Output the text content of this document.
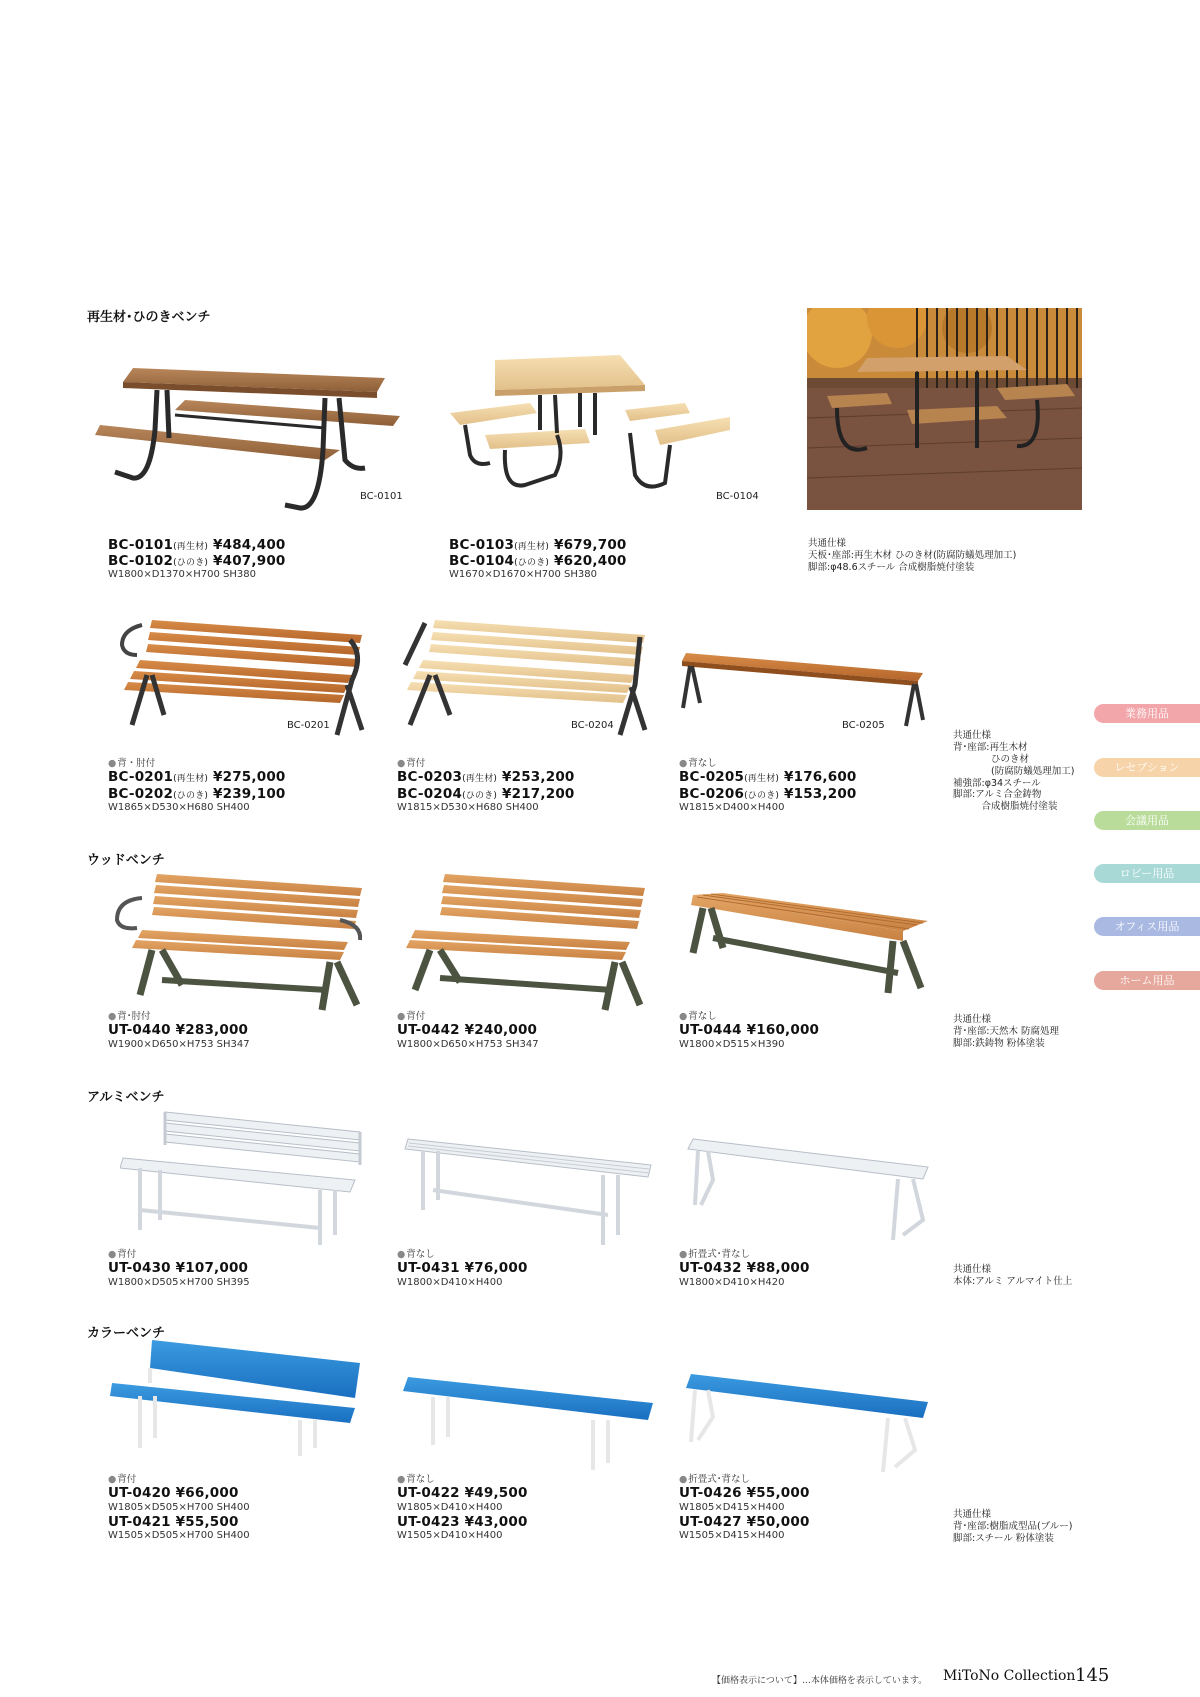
再生材･ひのきベンチ
BC-0101	BC-0104
BC-0101(再生材) ¥484,400
BC-0102(ひのき) ¥407,900
W1800×D1370×H700 SH380
BC-0103(再生材) ¥679,700
BC-0104(ひのき) ¥620,400
W1670×D1670×H700 SH380
共通仕様
天板･座部:再生木材 ひのき材(防腐防蟻処理加工)
脚部:φ48.6スチール 合成樹脂焼付塗装
BC-0201	BC-0204	BC-0205
● 背・肘付
BC-0201(再生材) ¥275,000
BC-0202(ひのき) ¥239,100
W1865×D530×H680 SH400
● 背付
BC-0203(再生材) ¥253,200
BC-0204(ひのき) ¥217,200
W1815×D530×H680 SH400
● 背なし
BC-0205(再生材) ¥176,600
BC-0206(ひのき) ¥153,200
W1815×D400×H400
共通仕様
背･座部:再生木材
　　　　ひのき材
　　　　(防腐防蟻処理加工)
補強部:φ34スチール
脚部:アルミ合金鋳物
　　　合成樹脂焼付塗装
ウッドベンチ
● 背･肘付
UT-0440 ¥283,000
W1900×D650×H753 SH347
● 背付
UT-0442 ¥240,000
W1800×D650×H753 SH347
● 背なし
UT-0444 ¥160,000
W1800×D515×H390
共通仕様
背･座部:天然木 防腐処理
脚部:鉄鋳物 粉体塗装
アルミベンチ
● 背付
UT-0430 ¥107,000
W1800×D505×H700 SH395
● 背なし
UT-0431 ¥76,000
W1800×D410×H400
● 折畳式･背なし
UT-0432 ¥88,000
W1800×D410×H420
共通仕様
本体:アルミ アルマイト仕上
カラーベンチ
● 背付
UT-0420 ¥66,000
W1805×D505×H700 SH400
UT-0421 ¥55,500
W1505×D505×H700 SH400
● 背なし
UT-0422 ¥49,500
W1805×D410×H400
UT-0423 ¥43,000
W1505×D410×H400
● 折畳式･背なし
UT-0426 ¥55,000
W1805×D415×H400
UT-0427 ¥50,000
W1505×D415×H400
共通仕様
背･座部:樹脂成型品(ブルー)
脚部:スチール 粉体塗装
業務用品
レセプション
会議用品
ロビー用品
オフィス用品
ホーム用品
【価格表示について】…本体価格を表示しています。 MiToNo Collection 145
